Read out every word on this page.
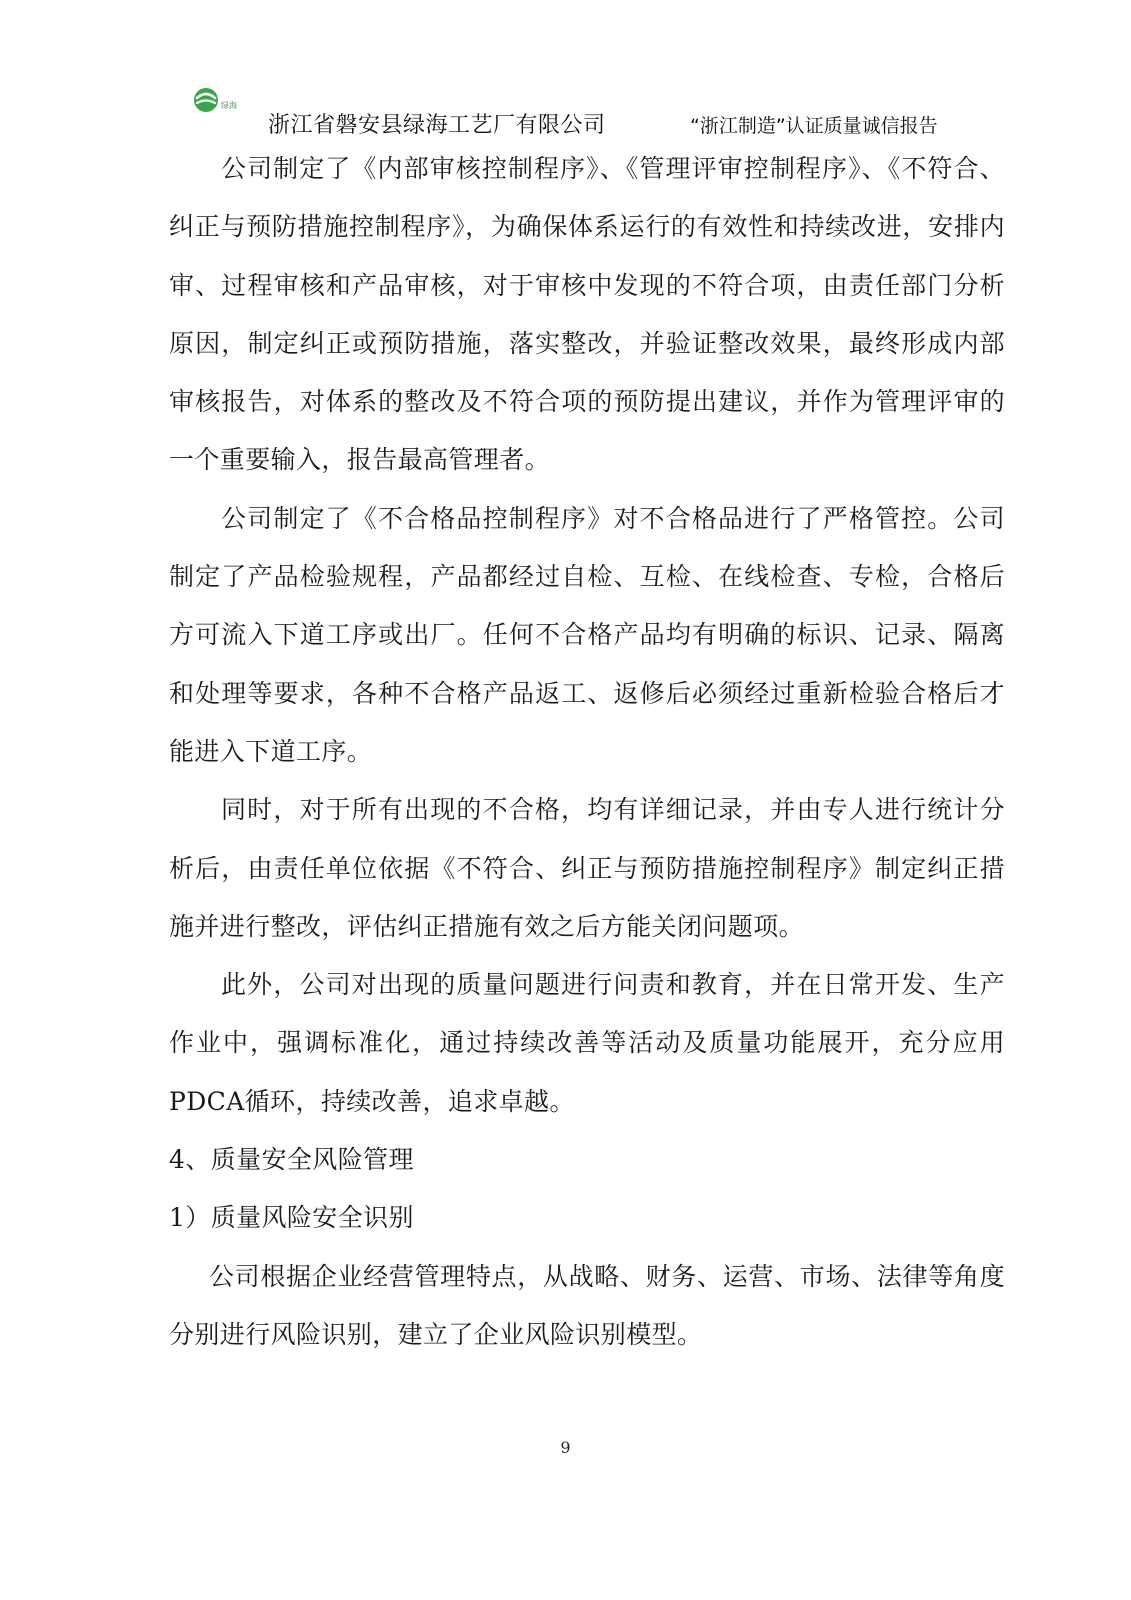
绿海
浙江省磐安县绿海工艺厂有限公司	“浙江制造”认证质量诚信报告

公司制定了《内部审核控制程序》、《管理评审控制程序》、《不符合、纠正与预防措施控制程序》，为确保体系运行的有效性和持续改进，安排内审、过程审核和产品审核，对于审核中发现的不符合项，由责任部门分析原因，制定纠正或预防措施，落实整改，并验证整改效果，最终形成内部审核报告，对体系的整改及不符合项的预防提出建议，并作为管理评审的一个重要输入，报告最高管理者。

公司制定了《不合格品控制程序》对不合格品进行了严格管控。公司制定了产品检验规程，产品都经过自检、互检、在线检查、专检，合格后方可流入下道工序或出厂。任何不合格产品均有明确的标识、记录、隔离和处理等要求，各种不合格产品返工、返修后必须经过重新检验合格后才能进入下道工序。

同时，对于所有出现的不合格，均有详细记录，并由专人进行统计分析后，由责任单位依据《不符合、纠正与预防措施控制程序》制定纠正措施并进行整改，评估纠正措施有效之后方能关闭问题项。

此外，公司对出现的质量问题进行问责和教育，并在日常开发、生产作业中，强调标准化，通过持续改善等活动及质量功能展开，充分应用PDCA循环，持续改善，追求卓越。

4、质量安全风险管理

1）质量风险安全识别

公司根据企业经营管理特点，从战略、财务、运营、市场、法律等角度分别进行风险识别，建立了企业风险识别模型。

9
